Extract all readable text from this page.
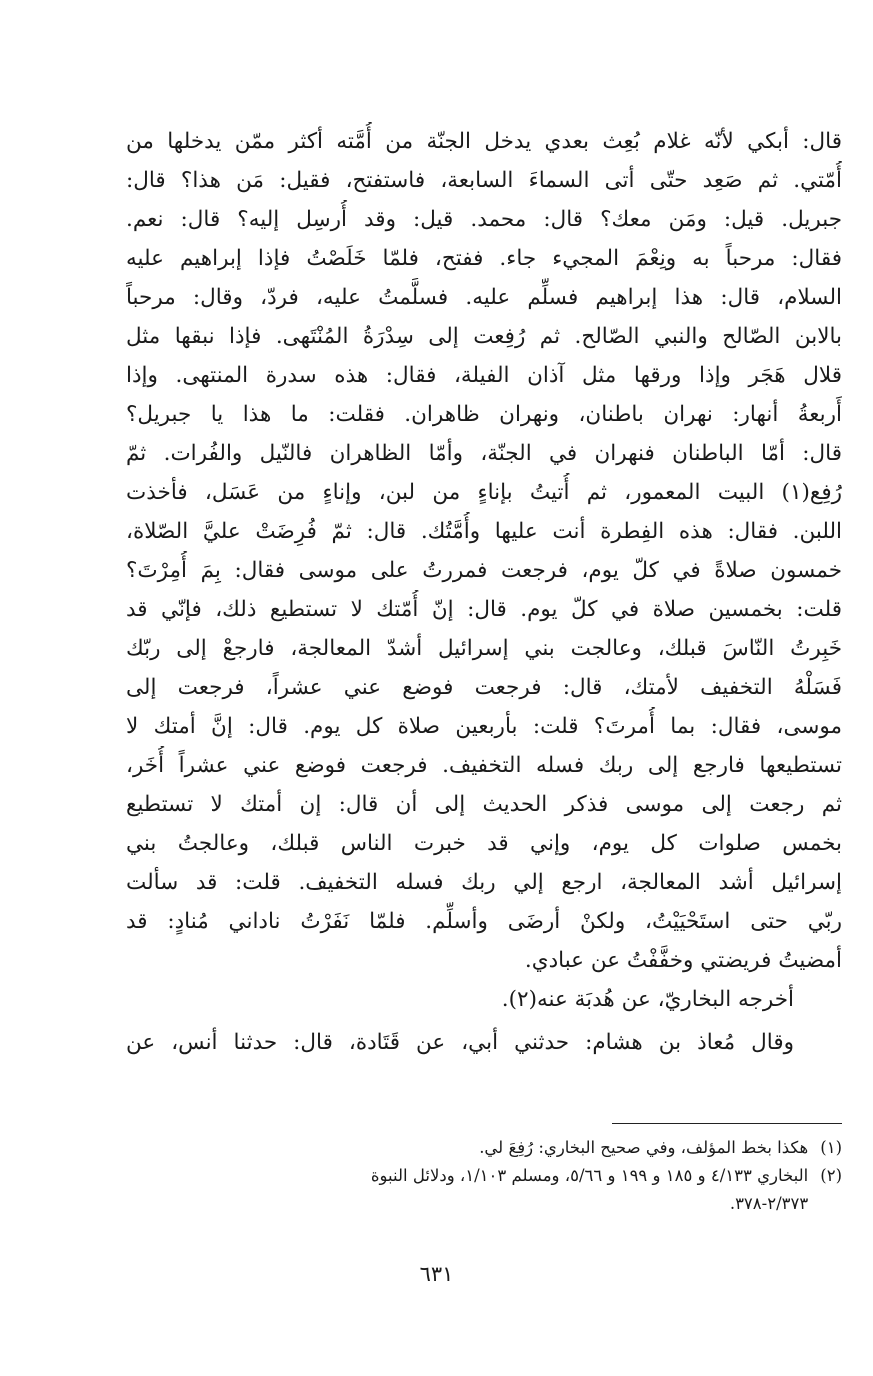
قال: أبكي لأنّه غلام بُعِث بعدي يدخل الجنّة من أُمَّته أكثر ممّن يدخلها من
أُمّتي. ثم صَعِد حتّى أتى السماءَ السابعة، فاستفتح، فقيل: مَن هذا؟ قال:
جبريل. قيل: ومَن معك؟ قال: محمد. قيل: وقد أُرسِل إليه؟ قال: نعم.
فقال: مرحباً به ونِعْمَ المجيء جاء. ففتح، فلمّا خَلَصْتُ فإذا إبراهيم عليه
السلام، قال: هذا إبراهيم فسلِّم عليه. فسلَّمتُ عليه، فردّ، وقال: مرحباً
بالابن الصّالح والنبي الصّالح. ثم رُفِعت إلى سِدْرَةُ المُنْتَهى. فإذا نبقها مثل
قلال هَجَر وإذا ورقها مثل آذان الفيلة، فقال: هذه سدرة المنتهى. وإذا
أَربعةُ أنهار: نهران باطنان، ونهران ظاهران. فقلت: ما هذا يا جبريل؟
قال: أمّا الباطنان فنهران في الجنّة، وأمّا الظاهران فالنّيل والفُرات. ثمّ
رُفِع(١) البيت المعمور، ثم أُتيتُ بإناءٍ من لبن، وإناءٍ من عَسَل، فأخذت
اللبن. فقال: هذه الفِطرة أنت عليها وأُمَّتُك. قال: ثمّ فُرِضَتْ عليَّ الصّلاة،
خمسون صلاةً في كلّ يوم، فرجعت فمررتُ على موسى فقال: بِمَ أُمِرْتَ؟
قلت: بخمسين صلاة في كلّ يوم. قال: إنّ أُمّتك لا تستطيع ذلك، فإنّي قد
خَبِرتُ النّاسَ قبلك، وعالجت بني إسرائيل أشدّ المعالجة، فارجعْ إلى ربّك
فَسَلْهُ التخفيف لأمتك، قال: فرجعت فوضع عني عشراً، فرجعت إلى
موسى، فقال: بما أُمرتَ؟ قلت: بأربعين صلاة كل يوم. قال: إنَّ أمتك لا
تستطيعها فارجع إلى ربك فسله التخفيف. فرجعت فوضع عني عشراً أُخَر،
ثم رجعت إلى موسى فذكر الحديث إلى أن قال: إن أمتك لا تستطيع
بخمس صلوات كل يوم، وإني قد خبرت الناس قبلك، وعالجتُ بني
إسرائيل أشد المعالجة، ارجع إلي ربك فسله التخفيف. قلت: قد سألت
ربّي حتى استَحْيَيْتُ، ولكنْ أرضَى وأسلِّم. فلمّا نَفَرْتُ ناداني مُنادٍ: قد
أمضيتُ فريضتي وخفَّفْتُ عن عبادي.
أخرجه البخاريّ، عن هُدبَة عنه(٢).
وقال مُعاذ بن هشام: حدثني أبي، عن قَتَادة، قال: حدثنا أنس، عن
(١)
هكذا بخط المؤلف، وفي صحيح البخاري: رُفِعَ لي.
(٢)
البخاري ٤/١٣٣ و ١٨٥ و ١٩٩ و ٥/٦٦، ومسلم ١/١٠٣، ودلائل النبوة
٢/٣٧٣-٣٧٨.
٦٣١
